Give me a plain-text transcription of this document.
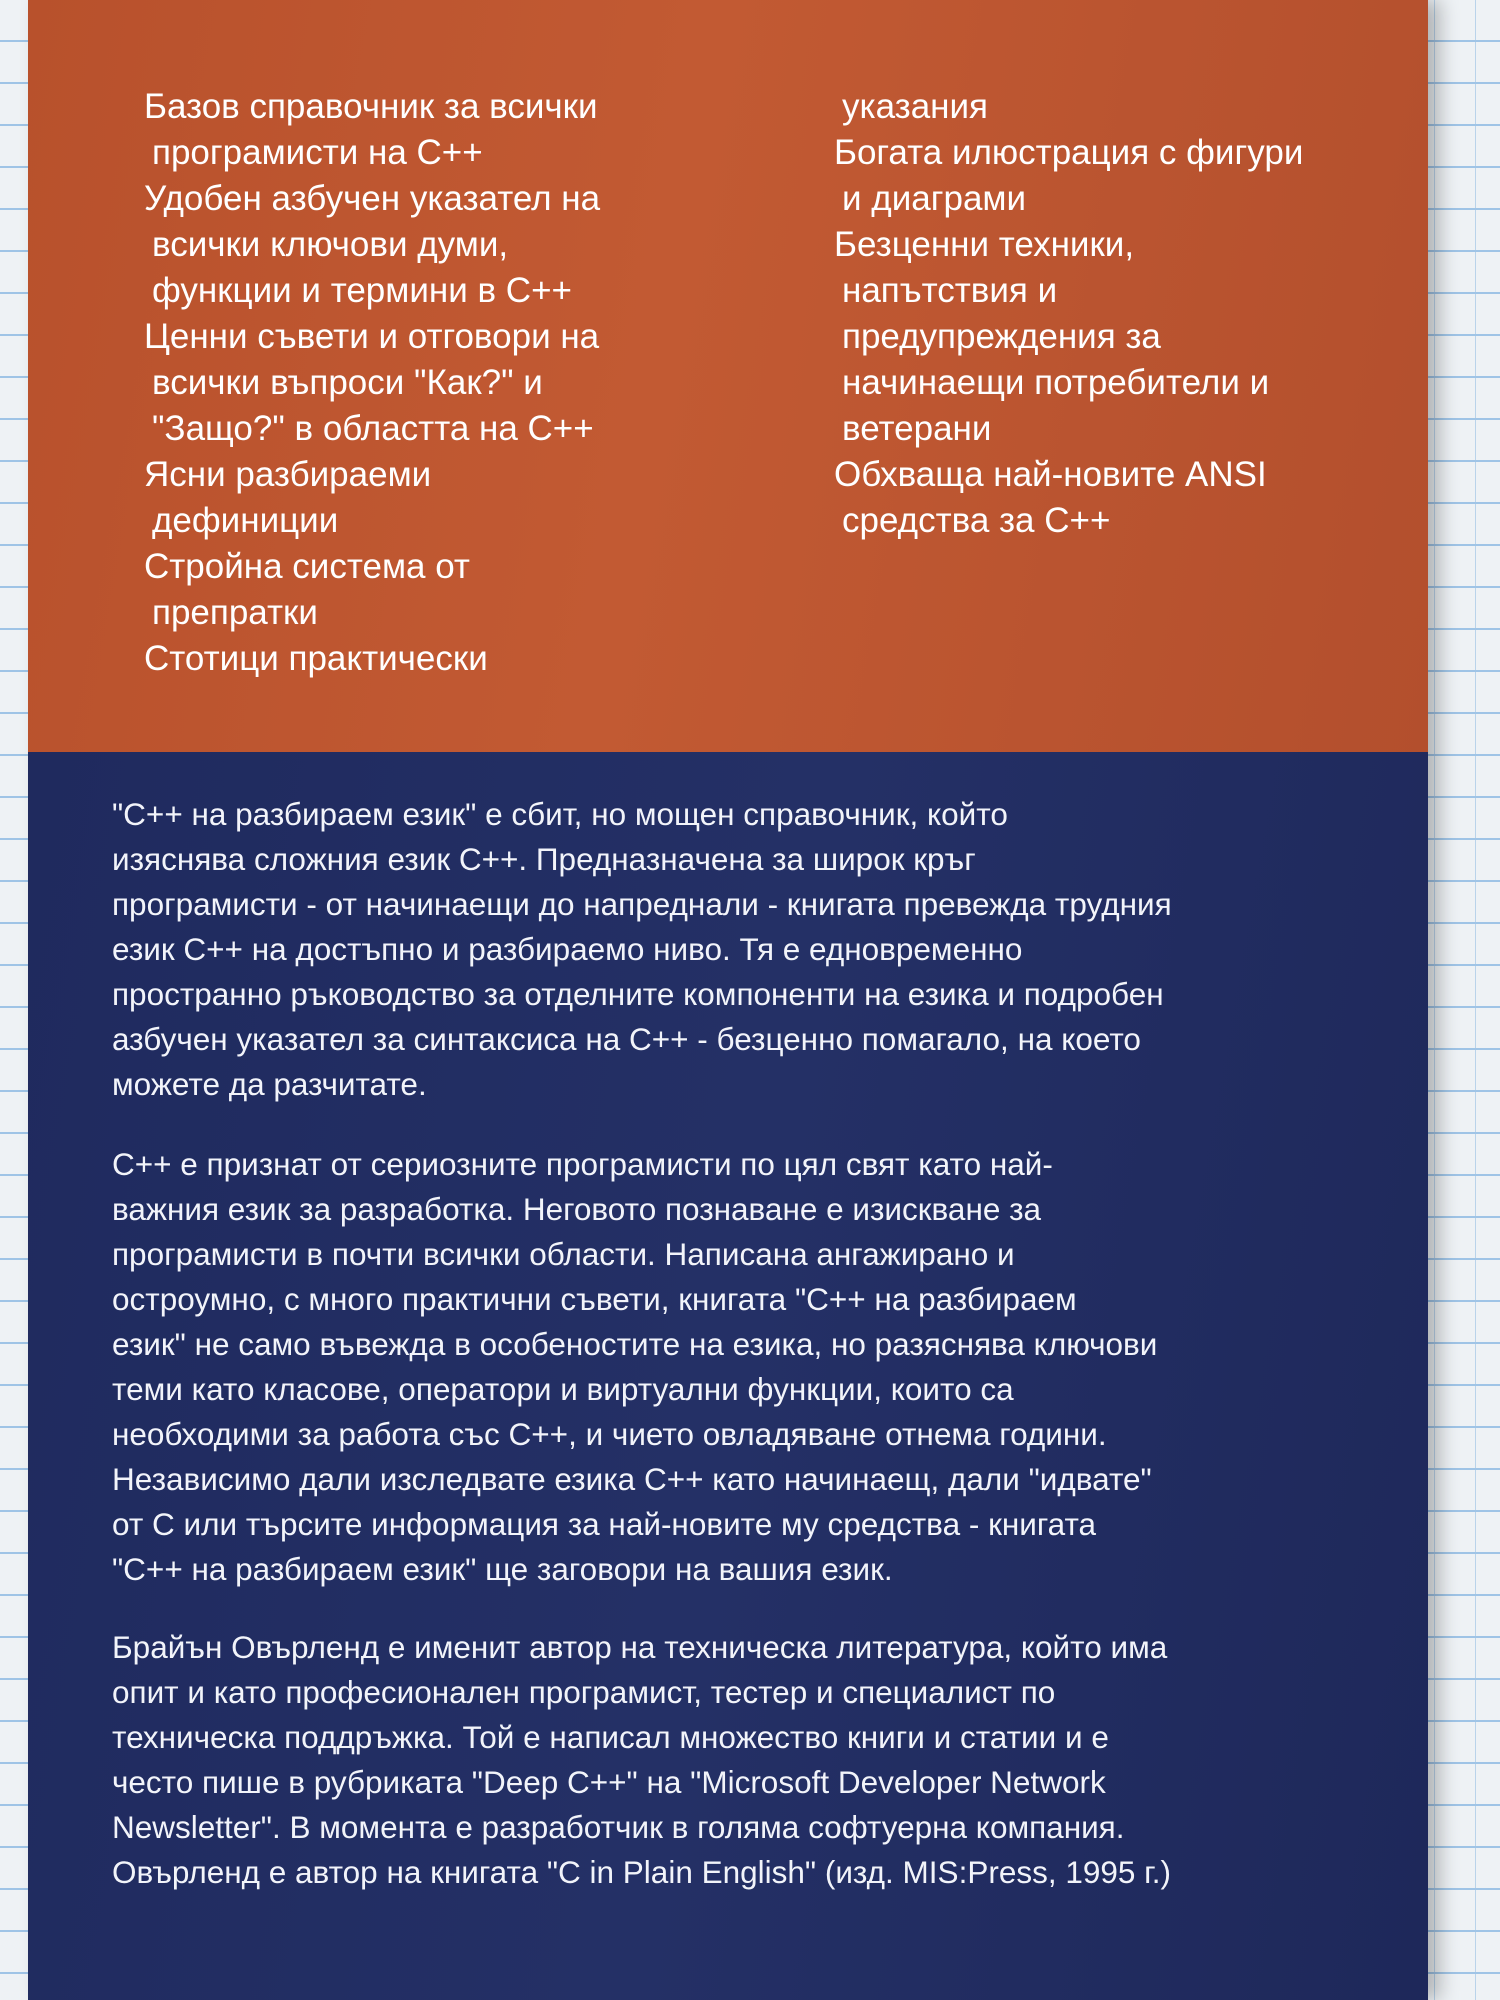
Базов справочник за всички
програмисти на С++
Удобен азбучен указател на
всички ключови думи,
функции и термини в С++
Ценни съвети и отговори на
всички въпроси "Как?" и
"Защо?" в областта на С++
Ясни разбираеми
дефиниции
Стройна система от
препратки
Стотици практически
указания
Богата илюстрация с фигури
и диаграми
Безценни техники,
напътствия и
предупреждения за
начинаещи потребители и
ветерани
Обхваща най-новите ANSI
средства за С++

"С++ на разбираем език" е сбит, но мощен справочник, който
изяснява сложния език С++. Предназначена за широк кръг
програмисти - от начинаещи до напреднали - книгата превежда трудния
език С++ на достъпно и разбираемо ниво. Тя е едновременно
пространно ръководство за отделните компоненти на езика и подробен
азбучен указател за синтаксиса на С++ - безценно помагало, на което
можете да разчитате.

С++ е признат от сериозните програмисти по цял свят като най-
важния език за разработка. Неговото познаване е изискване за
програмисти в почти всички области. Написана ангажирано и
остроумно, с много практични съвети, книгата "С++ на разбираем
език" не само въвежда в особеностите на езика, но разяснява ключови
теми като класове, оператори и виртуални функции, които са
необходими за работа със С++, и чието овладяване отнема години.
Независимо дали изследвате езика С++ като начинаещ, дали "идвате"
от С или търсите информация за най-новите му средства - книгата
"С++ на разбираем език" ще заговори на вашия език.

Брайън Овърленд е именит автор на техническа литература, който има
опит и като професионален програмист, тестер и специалист по
техническа поддръжка. Той е написал множество книги и статии и е
често пише в рубриката "Deep С++" на "Microsoft Developer Network
Newsletter". В момента е разработчик в голяма софтуерна компания.
Овърленд е автор на книгата "С in Plain English" (изд. MIS:Press, 1995 г.)
